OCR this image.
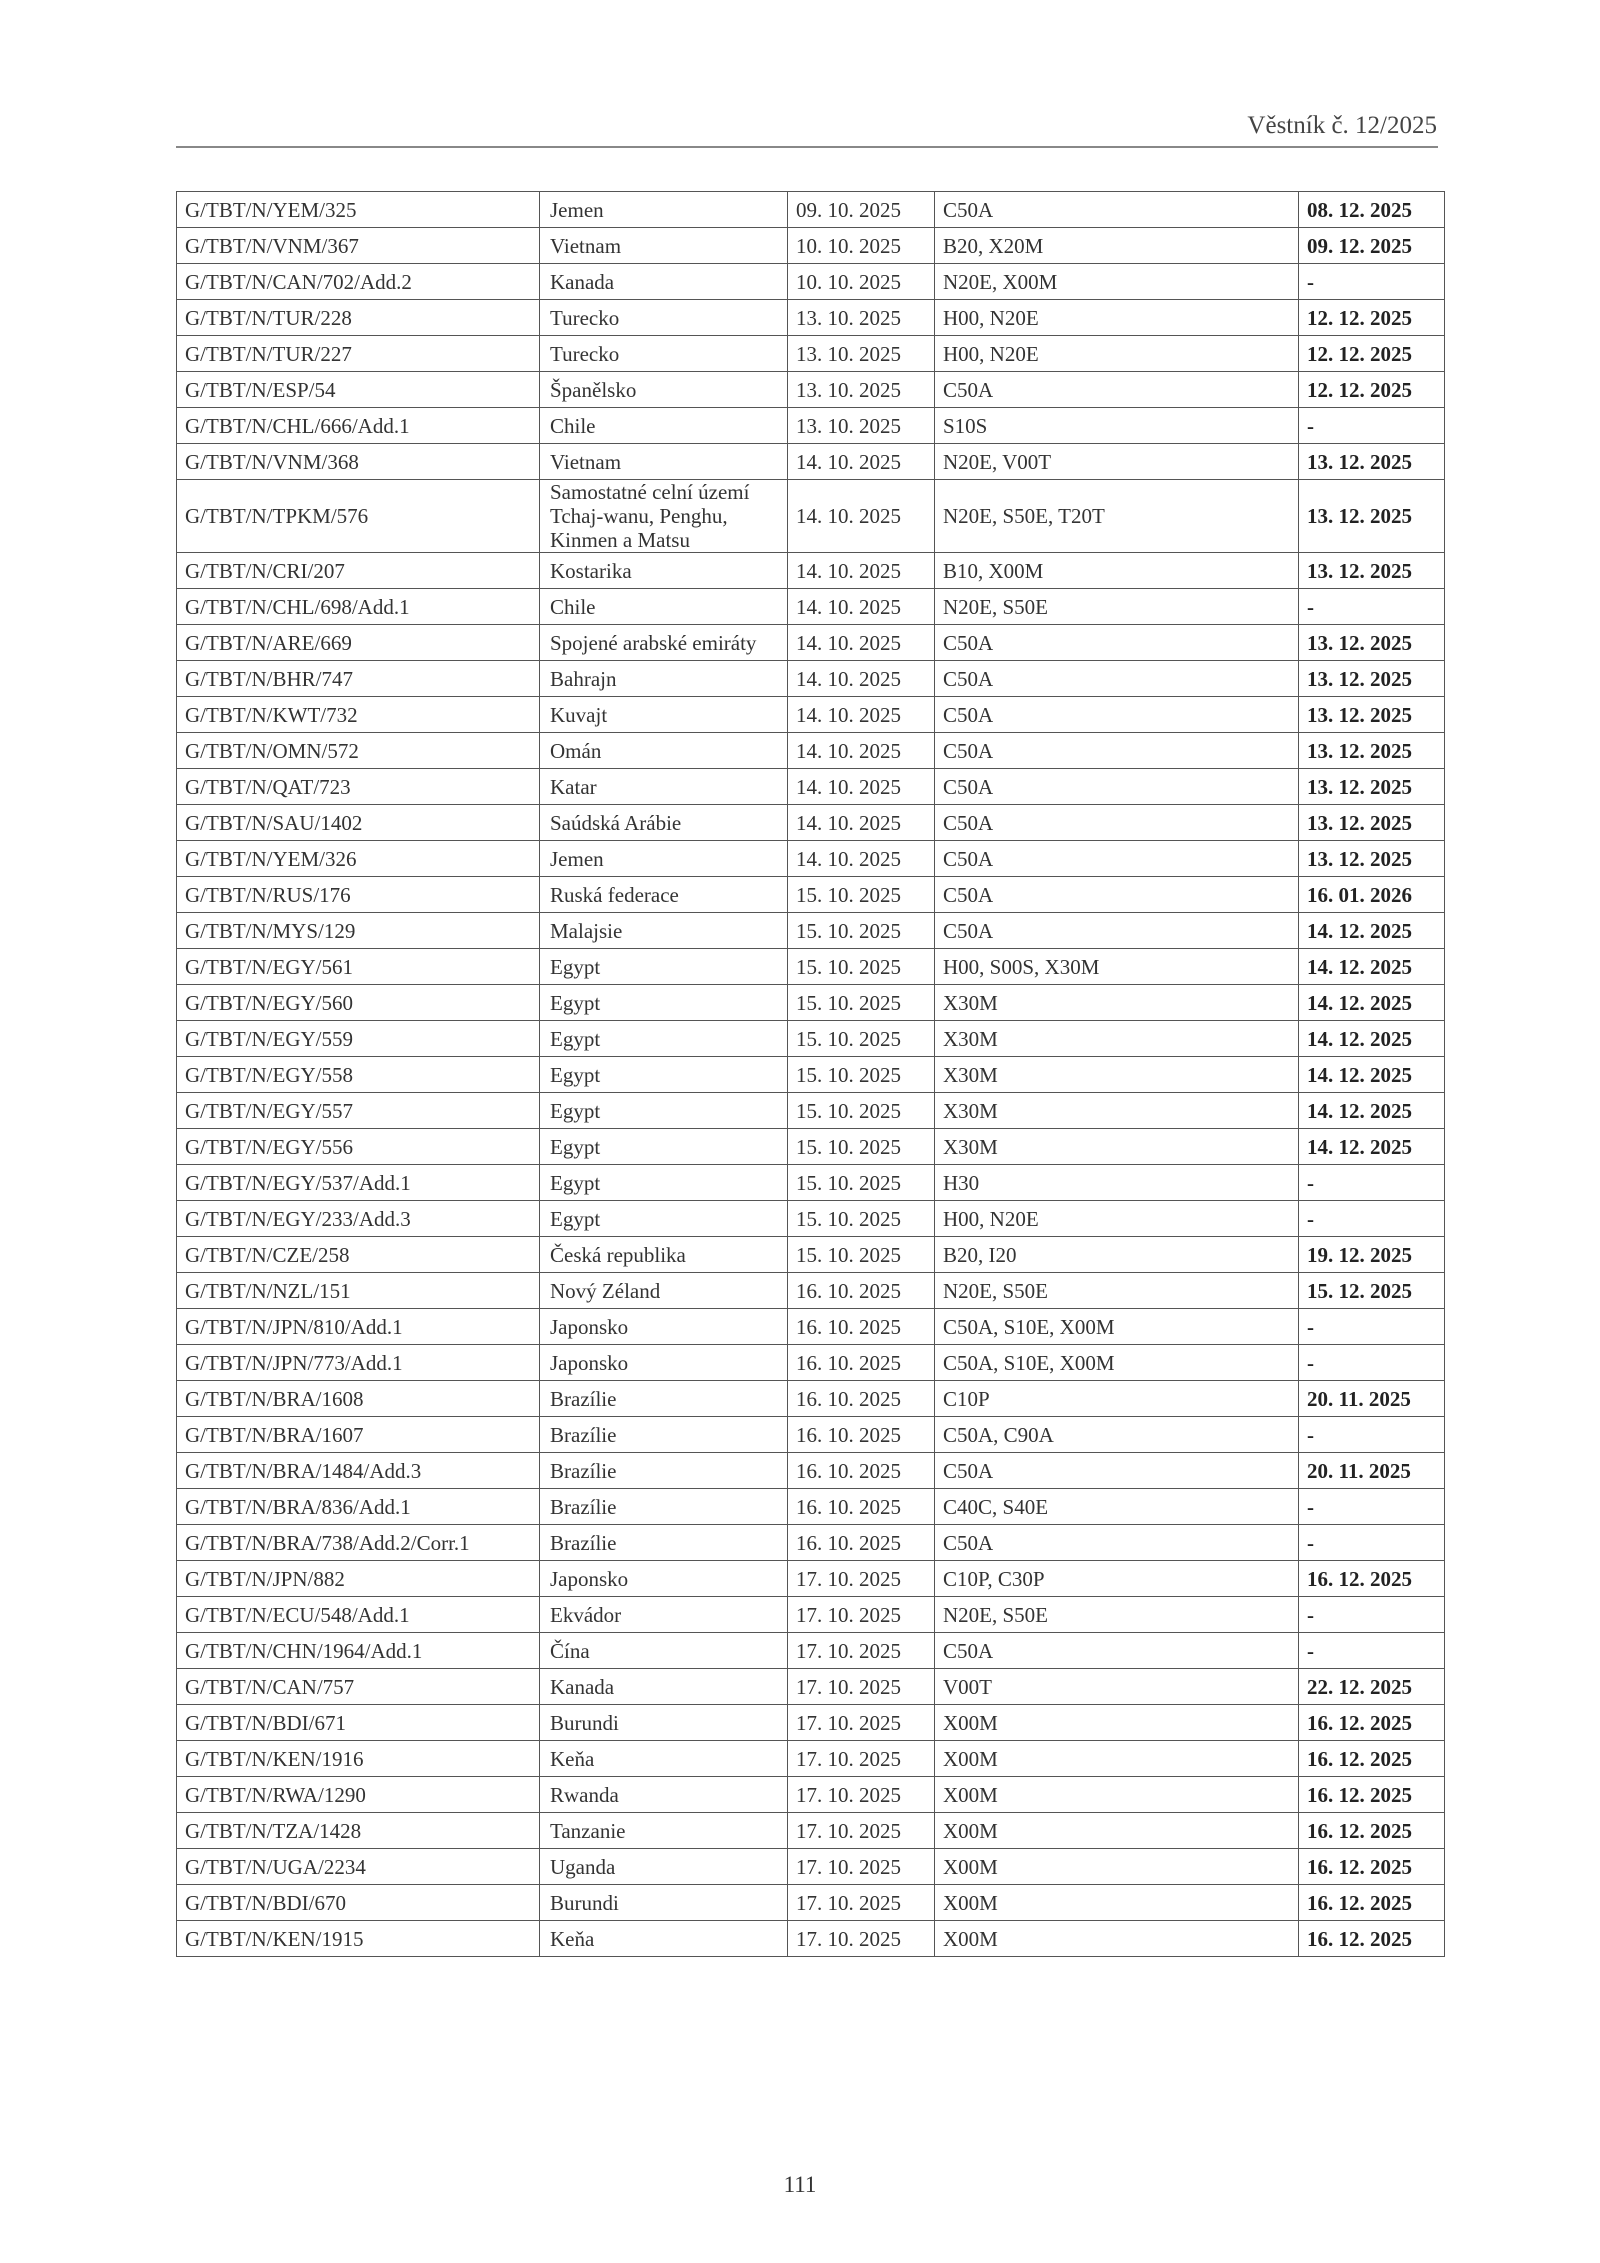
Věstník č. 12/2025
G/TBT/N/YEM/325	Jemen	09. 10. 2025	C50A	08. 12. 2025
G/TBT/N/VNM/367	Vietnam	10. 10. 2025	B20, X20M	09. 12. 2025
G/TBT/N/CAN/702/Add.2	Kanada	10. 10. 2025	N20E, X00M	-
G/TBT/N/TUR/228	Turecko	13. 10. 2025	H00, N20E	12. 12. 2025
G/TBT/N/TUR/227	Turecko	13. 10. 2025	H00, N20E	12. 12. 2025
G/TBT/N/ESP/54	Španělsko	13. 10. 2025	C50A	12. 12. 2025
G/TBT/N/CHL/666/Add.1	Chile	13. 10. 2025	S10S	-
G/TBT/N/VNM/368	Vietnam	14. 10. 2025	N20E, V00T	13. 12. 2025
G/TBT/N/TPKM/576	Samostatné celní území Tchaj-wanu, Penghu, Kinmen a Matsu	14. 10. 2025	N20E, S50E, T20T	13. 12. 2025
G/TBT/N/CRI/207	Kostarika	14. 10. 2025	B10, X00M	13. 12. 2025
G/TBT/N/CHL/698/Add.1	Chile	14. 10. 2025	N20E, S50E	-
G/TBT/N/ARE/669	Spojené arabské emiráty	14. 10. 2025	C50A	13. 12. 2025
G/TBT/N/BHR/747	Bahrajn	14. 10. 2025	C50A	13. 12. 2025
G/TBT/N/KWT/732	Kuvajt	14. 10. 2025	C50A	13. 12. 2025
G/TBT/N/OMN/572	Omán	14. 10. 2025	C50A	13. 12. 2025
G/TBT/N/QAT/723	Katar	14. 10. 2025	C50A	13. 12. 2025
G/TBT/N/SAU/1402	Saúdská Arábie	14. 10. 2025	C50A	13. 12. 2025
G/TBT/N/YEM/326	Jemen	14. 10. 2025	C50A	13. 12. 2025
G/TBT/N/RUS/176	Ruská federace	15. 10. 2025	C50A	16. 01. 2026
G/TBT/N/MYS/129	Malajsie	15. 10. 2025	C50A	14. 12. 2025
G/TBT/N/EGY/561	Egypt	15. 10. 2025	H00, S00S, X30M	14. 12. 2025
G/TBT/N/EGY/560	Egypt	15. 10. 2025	X30M	14. 12. 2025
G/TBT/N/EGY/559	Egypt	15. 10. 2025	X30M	14. 12. 2025
G/TBT/N/EGY/558	Egypt	15. 10. 2025	X30M	14. 12. 2025
G/TBT/N/EGY/557	Egypt	15. 10. 2025	X30M	14. 12. 2025
G/TBT/N/EGY/556	Egypt	15. 10. 2025	X30M	14. 12. 2025
G/TBT/N/EGY/537/Add.1	Egypt	15. 10. 2025	H30	-
G/TBT/N/EGY/233/Add.3	Egypt	15. 10. 2025	H00, N20E	-
G/TBT/N/CZE/258	Česká republika	15. 10. 2025	B20, I20	19. 12. 2025
G/TBT/N/NZL/151	Nový Zéland	16. 10. 2025	N20E, S50E	15. 12. 2025
G/TBT/N/JPN/810/Add.1	Japonsko	16. 10. 2025	C50A, S10E, X00M	-
G/TBT/N/JPN/773/Add.1	Japonsko	16. 10. 2025	C50A, S10E, X00M	-
G/TBT/N/BRA/1608	Brazílie	16. 10. 2025	C10P	20. 11. 2025
G/TBT/N/BRA/1607	Brazílie	16. 10. 2025	C50A, C90A	-
G/TBT/N/BRA/1484/Add.3	Brazílie	16. 10. 2025	C50A	20. 11. 2025
G/TBT/N/BRA/836/Add.1	Brazílie	16. 10. 2025	C40C, S40E	-
G/TBT/N/BRA/738/Add.2/Corr.1	Brazílie	16. 10. 2025	C50A	-
G/TBT/N/JPN/882	Japonsko	17. 10. 2025	C10P, C30P	16. 12. 2025
G/TBT/N/ECU/548/Add.1	Ekvádor	17. 10. 2025	N20E, S50E	-
G/TBT/N/CHN/1964/Add.1	Čína	17. 10. 2025	C50A	-
G/TBT/N/CAN/757	Kanada	17. 10. 2025	V00T	22. 12. 2025
G/TBT/N/BDI/671	Burundi	17. 10. 2025	X00M	16. 12. 2025
G/TBT/N/KEN/1916	Keňa	17. 10. 2025	X00M	16. 12. 2025
G/TBT/N/RWA/1290	Rwanda	17. 10. 2025	X00M	16. 12. 2025
G/TBT/N/TZA/1428	Tanzanie	17. 10. 2025	X00M	16. 12. 2025
G/TBT/N/UGA/2234	Uganda	17. 10. 2025	X00M	16. 12. 2025
G/TBT/N/BDI/670	Burundi	17. 10. 2025	X00M	16. 12. 2025
G/TBT/N/KEN/1915	Keňa	17. 10. 2025	X00M	16. 12. 2025
111
